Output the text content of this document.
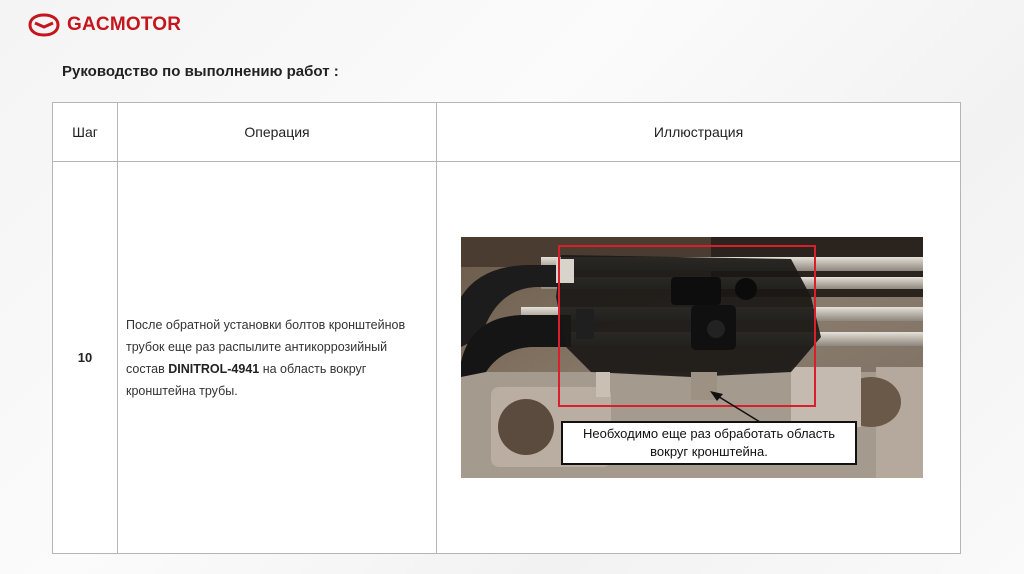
GACMOTOR
Руководство по выполнению работ :
Шаг	Операция	Иллюстрация
10	После обратной установки болтов кронштейнов трубок еще раз распылите антикоррозийный состав DINITROL-4941 на область вокруг кронштейна трубы.	Необходимо еще раз обработать область вокруг кронштейна.
